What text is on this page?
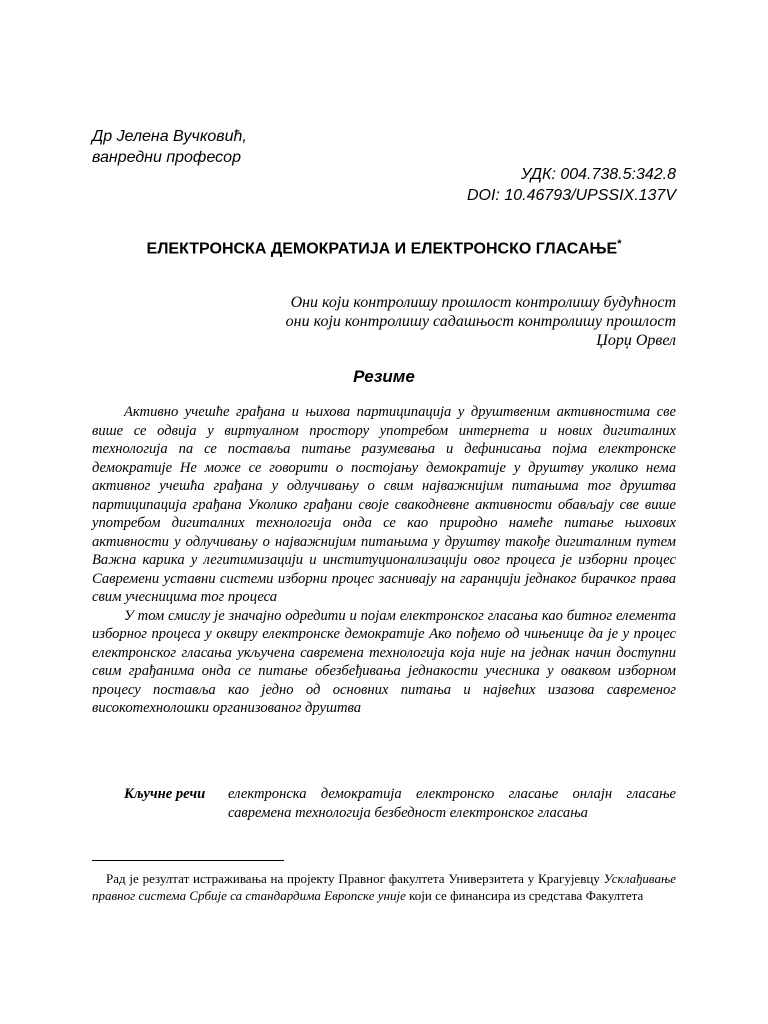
Др Јелена Вучковић,
ванредни професор
УДК: 004.738.5:342.8
DOI: 10.46793/UPSSIX.137V
ЕЛЕКТРОНСКА ДЕМОКРАТИЈА И ЕЛЕКТРОНСКО ГЛАСАЊЕ*
Они који контролишу прошлост контролишу будућност
они који контролишу садашњост контролишу прошлост
Џорџ Орвел
Резиме

Активно учешће грађана и њихова партиципација у друштвеним активностима све више се одвија у виртуалном простору употребом интернета и нових дигиталних технологија па се поставља питање разумевања и дефинисања појма електронске демократије Не може се говорити о постојању демократије у друштву уколико нема активног учешћа грађана у одлучивању о свим најважнијим питањима тог друштва партиципација грађана Уколико грађани своје свакодневне активности обављају све више употребом дигиталних технологија онда се као природно намеће питање њихових активности у одлучивању о најважнијим питањима у друштву такође дигиталним путем Важна карика у легитимизацији и институционализацији овог процеса је изборни процес Савремени уставни системи изборни процес заснивају на гаранцији једнаког бирачког права свим учесницима тог процеса

У том смислу је значајно одредити и појам електронског гласања као битног елемента изборног процеса у оквиру електронске демократије Ако пођемо од чињенице да је у процес електронског гласања укључена савремена технологија која није на једнак начин доступни свим грађанима онда се питање обезбеђивања једнакости учесника у оваквом изборном процесу поставља као једно од основних питања и највећих изазова савременог високотехнолошки организованог друштва

Кључне речи	електронска демократија електронско гласање онлајн гласање савремена технологија безбедност електронског гласања
Рад је резултат истраживања на пројекту Правног факултета Универзитета у Крагујевцу Усклађивање правног система Србије са стандардима Европске уније који се финансира из средстава Факултета
